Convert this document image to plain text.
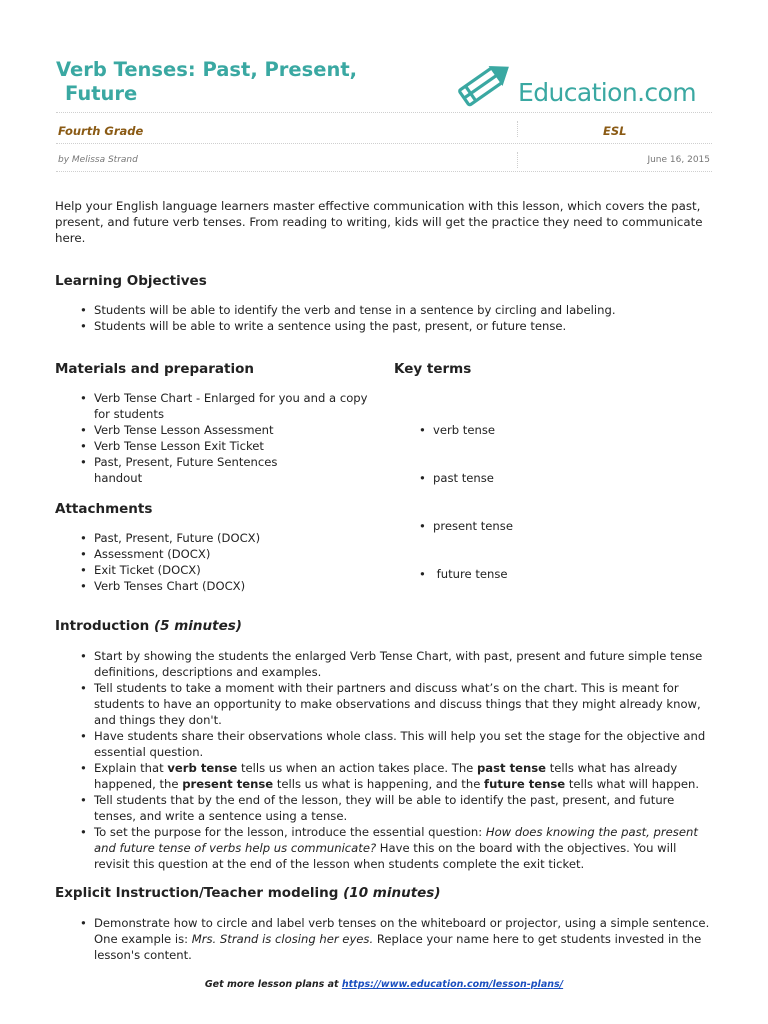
Verb Tenses: Past, Present,
Future	Education.com
Fourth Grade	ESL
by Melissa Strand	June 16, 2015

Help your English language learners master effective communication with this lesson, which covers the past, present, and future verb tenses. From reading to writing, kids will get the practice they need to communicate here.

Learning Objectives
• Students will be able to identify the verb and tense in a sentence by circling and labeling.
• Students will be able to write a sentence using the past, present, or future tense.
Materials and preparation
• Verb Tense Chart - Enlarged for you and a copy for students
• Verb Tense Lesson Assessment
• Verb Tense Lesson Exit Ticket
• Past, Present, Future Sentences handout
Key terms

• verb tense

• past tense

• present tense

•  future tense

Attachments
• Past, Present, Future (DOCX)
• Assessment (DOCX)
• Exit Ticket (DOCX)
• Verb Tenses Chart (DOCX)
Introduction (5 minutes)
• Start by showing the students the enlarged Verb Tense Chart, with past, present and future simple tense definitions, descriptions and examples.
• Tell students to take a moment with their partners and discuss what’s on the chart. This is meant for students to have an opportunity to make observations and discuss things that they might already know, and things they don't.
• Have students share their observations whole class. This will help you set the stage for the objective and essential question.
• Explain that verb tense tells us when an action takes place. The past tense tells what has already happened, the present tense tells us what is happening, and the future tense tells what will happen.
• Tell students that by the end of the lesson, they will be able to identify the past, present, and future tenses, and write a sentence using a tense.
• To set the purpose for the lesson, introduce the essential question: How does knowing the past, present and future tense of verbs help us communicate? Have this on the board with the objectives. You will revisit this question at the end of the lesson when students complete the exit ticket.
Explicit Instruction/Teacher modeling (10 minutes)
• Demonstrate how to circle and label verb tenses on the whiteboard or projector, using a simple sentence. One example is: Mrs. Strand is closing her eyes. Replace your name here to get students invested in the lesson's content.
Get more lesson plans at https://www.education.com/lesson-plans/
